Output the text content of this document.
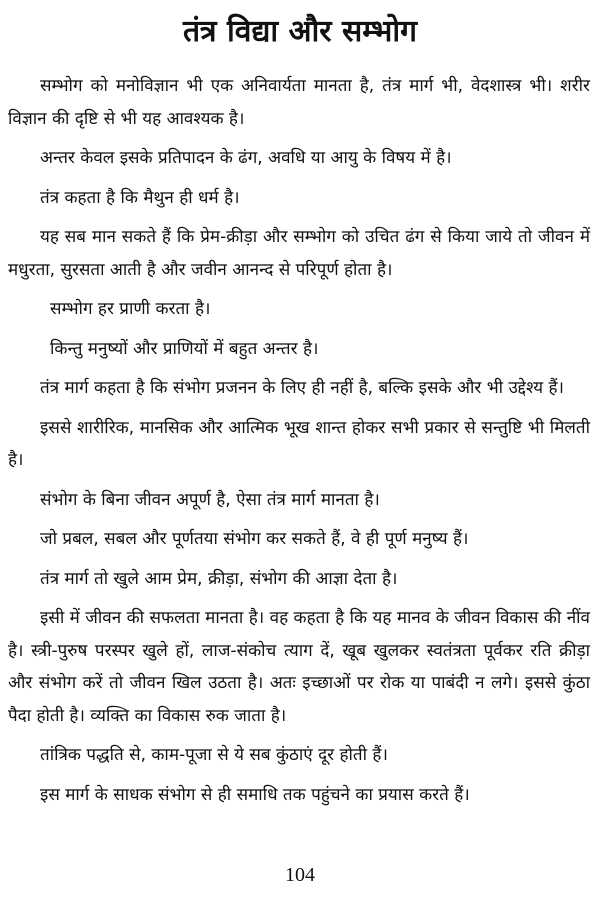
तंत्र विद्या और सम्भोग

सम्भोग को मनोविज्ञान भी एक अनिवार्यता मानता है, तंत्र मार्ग भी, वेदशास्त्र भी। शरीर विज्ञान की दृष्टि से भी यह आवश्यक है।

अन्तर केवल इसके प्रतिपादन के ढंग, अवधि या आयु के विषय में है।

तंत्र कहता है कि मैथुन ही धर्म है।

यह सब मान सकते हैं कि प्रेम-क्रीड़ा और सम्भोग को उचित ढंग से किया जाये तो जीवन में मधुरता, सुरसता आती है और जवीन आनन्द से परिपूर्ण होता है।

सम्भोग हर प्राणी करता है।

किन्तु मनुष्यों और प्राणियों में बहुत अन्तर है।

तंत्र मार्ग कहता है कि संभोग प्रजनन के लिए ही नहीं है, बल्कि इसके और भी उद्देश्य हैं।

इससे शारीरिक, मानसिक और आत्मिक भूख शान्त होकर सभी प्रकार से सन्तुष्टि भी मिलती है।

संभोग के बिना जीवन अपूर्ण है, ऐसा तंत्र मार्ग मानता है।

जो प्रबल, सबल और पूर्णतया संभोग कर सकते हैं, वे ही पूर्ण मनुष्य हैं।

तंत्र मार्ग तो खुले आम प्रेम, क्रीड़ा, संभोग की आज्ञा देता है।

इसी में जीवन की सफलता मानता है। वह कहता है कि यह मानव के जीवन विकास की नींव है। स्त्री-पुरुष परस्पर खुले हों, लाज-संकोच त्याग दें, खूब खुलकर स्वतंत्रता पूर्वकर रति क्रीड़ा और संभोग करें तो जीवन खिल उठता है। अतः इच्छाओं पर रोक या पाबंदी न लगे। इससे कुंठा पैदा होती है। व्यक्ति का विकास रुक जाता है।

तांत्रिक पद्धति से, काम-पूजा से ये सब कुंठाएं दूर होती हैं।

इस मार्ग के साधक संभोग से ही समाधि तक पहुंचने का प्रयास करते हैं।

104
